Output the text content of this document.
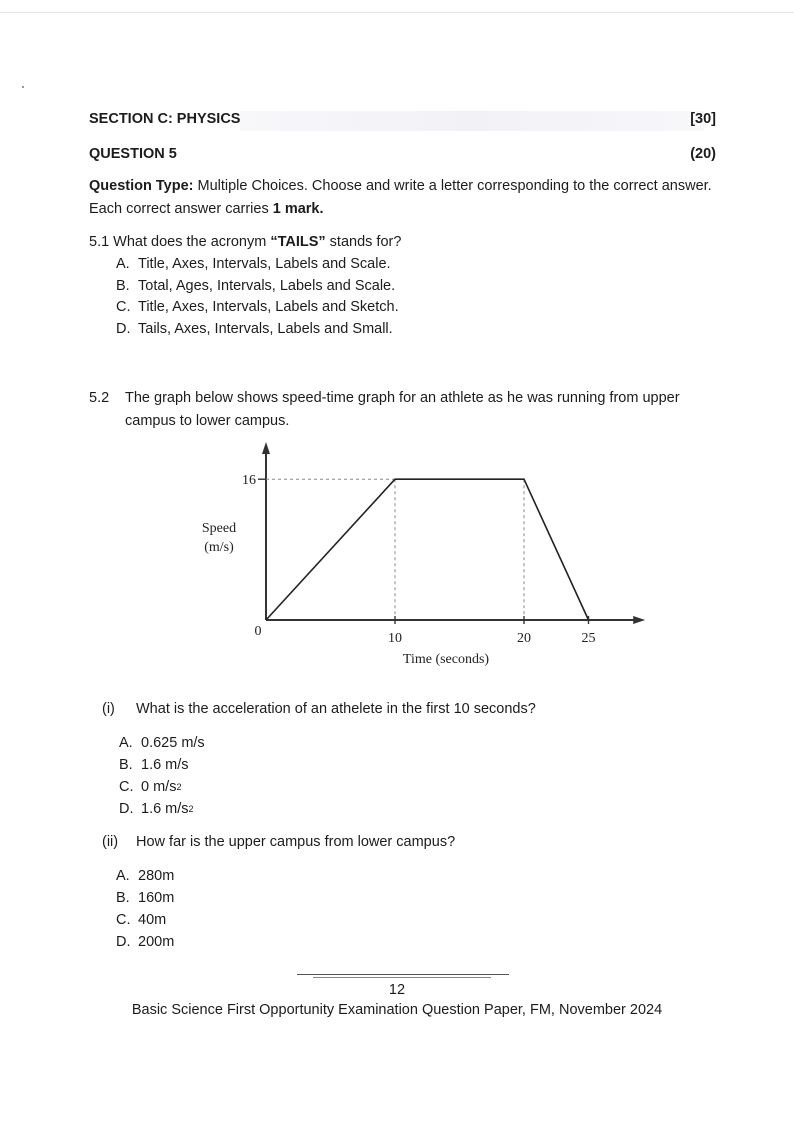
SECTION C: PHYSICS	[30]
QUESTION 5	(20)
Question Type: Multiple Choices. Choose and write a letter corresponding to the correct answer. Each correct answer carries 1 mark.
5.1 What does the acronym “TAILS” stands for?
A. Title, Axes, Intervals, Labels and Scale.
B. Total, Ages, Intervals, Labels and Scale.
C. Title, Axes, Intervals, Labels and Sketch.
D. Tails, Axes, Intervals, Labels and Small.
5.2	The graph below shows speed-time graph for an athlete as he was running from upper campus to lower campus.
0	10	20	25
16
Speed
(m/s)
Time (seconds)
(i)	What is the acceleration of an athelete in the first 10 seconds?
A. 0.625 m/s
B. 1.6 m/s
C. 0 m/s 2
D. 1.6 m/s 2
(ii)	How far is the upper campus from lower campus?
A. 280m
B. 160m
C. 40m
D. 200m
12
Basic Science First Opportunity Examination Question Paper, FM, November 2024
